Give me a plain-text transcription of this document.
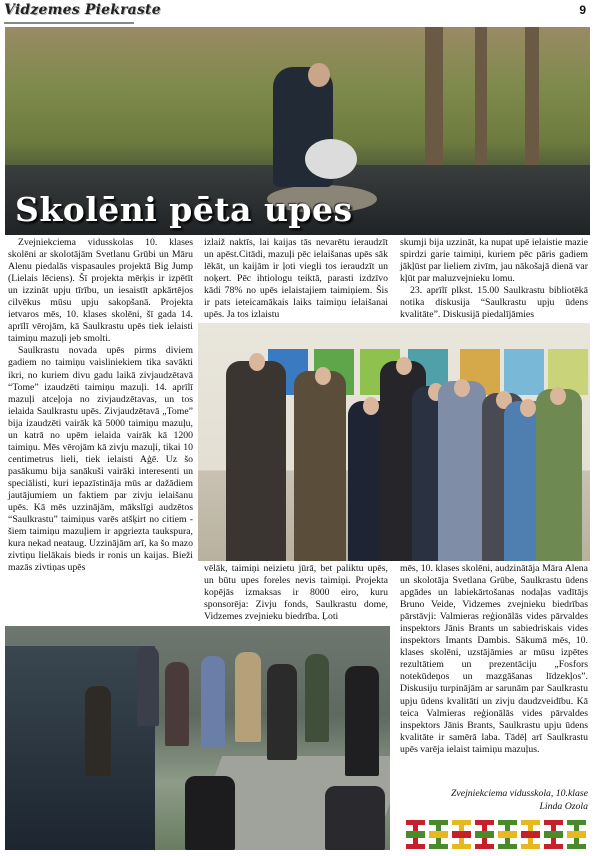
Vidzemes Piekraste	9
Skolēni pēta upes

Zvejniekciema vidusskolas 10. klases skolēni ar skolotājām Svetlanu Grūbi un Māru Alenu piedalās vispasaules projektā Big Jump (Lielais lēciens). Šī projekta mērķis ir izpētīt un izzināt upju tīrību, un iesaistīt apkārtējos cilvēkus mūsu upju sakopšanā. Projekta ietvaros mēs, 10. klases skolēni, šī gada 14. aprīlī vērojām, kā Saulkrastu upēs tiek ielaisti taimiņu mazuļi jeb smolti.

Saulkrastu novada upēs pirms diviem gadiem no taimiņu vaisliniekiem tika savākti ikri, no kuriem divu gadu laikā zivjaudzētavā “Tome” izaudzēti taimiņu mazuļi. 14. aprīlī mazuļi atceļoja no zivjaudzētavas, un tos ielaida Saulkrastu upēs. Zivjaudzētavā „Tome” bija izaudzēti vairāk kā 5000 taimiņu mazuļu, un katrā no upēm ielaida vairāk kā 1200 taimiņu. Mēs vērojām kā zivju mazuļi, tikai 10 centimetrus lieli, tiek ielaisti Aģē. Uz šo pasākumu bija sanākuši vairāki interesenti un speciālisti, kuri iepazīstināja mūs ar dažādiem jautājumiem un faktiem par zivju ielaišanu upēs. Kā mēs uzzinājām, mākslīgi audzētos “Saulkrastu” taimiņus varēs atšķirt no citiem - šiem taimiņu mazuļiem ir apgriezta taukspura, kura nekad neataug. Uzzinājām arī, ka šo mazo zivtiņu lielākais bieds ir ronis un kaijas. Bieži mazās zivtiņas upēs

izlaiž naktīs, lai kaijas tās nevarētu ieraudzīt un apēst.Citādi, mazuļi pēc ielaišanas upēs sāk lēkāt, un kaijām ir ļoti viegli tos ieraudzīt un noķert. Pēc ihtiologu teiktā, parasti izdzīvo kādi 78% no upēs ielaistajiem taimiņiem. Šis ir pats ieteicamākais laiks taimiņu ielaišanai upēs. Ja tos izlaistu

skumji bija uzzināt, ka nupat upē ielaistie mazie spirdzi garie taimiņi, kuriem pēc pāris gadiem jākļūst par lieliem zivīm, jau nākošajā dienā var kļūt par maluzvejnieku lomu.

23. aprīlī plkst. 15.00 Saulkrastu bibliotēkā notika diskusija “Saulkrastu upju ūdens kvalitāte”. Diskusijā piedalījāmies

vēlāk, taimiņi neizietu jūrā, bet paliktu upēs, un būtu upes foreles nevis taimiņi. Projekta kopējās izmaksas ir 8000 eiro, kuru sponsorēja: Zivju fonds, Saulkrastu dome, Vidzemes zvejnieku biedrība. Ļoti

mēs, 10. klases skolēni, audzinātāja Māra Alena un skolotāja Svetlana Grūbe, Saulkrastu ūdens apgādes un labiekārtošanas nodaļas vadītājs Bruno Veide, Vidzemes zvejnieku biedrības pārstāvji: Valmieras reģionālās vides pārvaldes inspektors Jānis Brants un sabiedriskais vides inspektors Imants Dambis. Sākumā mēs, 10. klases skolēni, uzstājāmies ar mūsu izpētes rezultātiem un prezentāciju „Fosfors notekūdeņos un mazgāšanas līdzekļos”. Diskusiju turpinājām ar sarunām par Saulkrastu upju ūdens kvalitāti un zivju daudzveidību. Kā teica Valmieras reģionālās vides pārvaldes inspektors Jānis Brants, Saulkrastu upju ūdens kvalitāte ir samērā laba. Tādēļ arī Saulkrastu upēs varēja ielaist taimiņu mazuļus.

Zvejniekciema vidusskola, 10.klase
Linda Ozola
